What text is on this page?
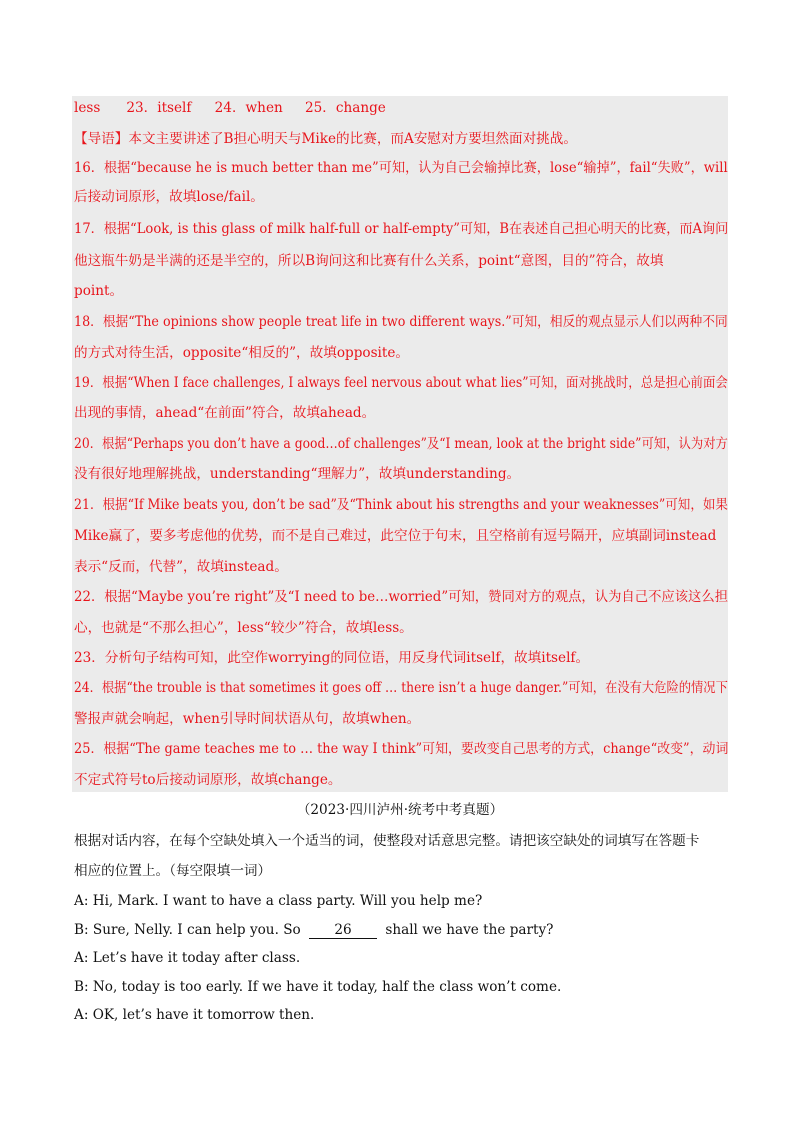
less 23．itself 24．when 25．change
【导语】本文主要讲述了B担心明天与Mike的比赛，而A安慰对方要坦然面对挑战。
16．根据“because he is much better than me”可知，认为自己会输掉比赛，lose“输掉”，fail“失败”，will
后接动词原形，故填lose/fail。
17．根据“Look, is this glass of milk half-full or half-empty”可知，B在表述自己担心明天的比赛，而A询问
他这瓶牛奶是半满的还是半空的，所以B询问这和比赛有什么关系，point“意图，目的”符合，故填
point。
18．根据“The opinions show people treat life in two different ways.”可知，相反的观点显示人们以两种不同
的方式对待生活，opposite“相反的”，故填opposite。
19．根据“When I face challenges, I always feel nervous about what lies”可知，面对挑战时，总是担心前面会
出现的事情，ahead“在前面”符合，故填ahead。
20．根据“Perhaps you don’t have a good…of challenges”及“I mean, look at the bright side”可知，认为对方
没有很好地理解挑战，understanding“理解力”，故填understanding。
21．根据“If Mike beats you, don’t be sad”及“Think about his strengths and your weaknesses”可知，如果
Mike赢了，要多考虑他的优势，而不是自己难过，此空位于句末，且空格前有逗号隔开，应填副词instead
表示“反而，代替”，故填instead。
22．根据“Maybe you’re right”及“I need to be…worried”可知，赞同对方的观点，认为自己不应该这么担
心，也就是“不那么担心”，less“较少”符合，故填less。
23．分析句子结构可知，此空作worrying的同位语，用反身代词itself，故填itself。
24．根据“the trouble is that sometimes it goes off … there isn’t a huge danger.”可知，在没有大危险的情况下
警报声就会响起，when引导时间状语从句，故填when。
25．根据“The game teaches me to … the way I think”可知，要改变自己思考的方式，change“改变”，动词
不定式符号to后接动词原形，故填change。
（2023·四川泸州·统考中考真题）
根据对话内容，在每个空缺处填入一个适当的词，使整段对话意思完整。请把该空缺处的词填写在答题卡
相应的位置上。（每空限填一词）
A: Hi, Mark. I want to have a class party. Will you help me?
B: Sure, Nelly. I can help you. So 26 shall we have the party?
A: Let’s have it today after class.
B: No, today is too early. If we have it today, half the class won’t come.
A: OK, let’s have it tomorrow then.
